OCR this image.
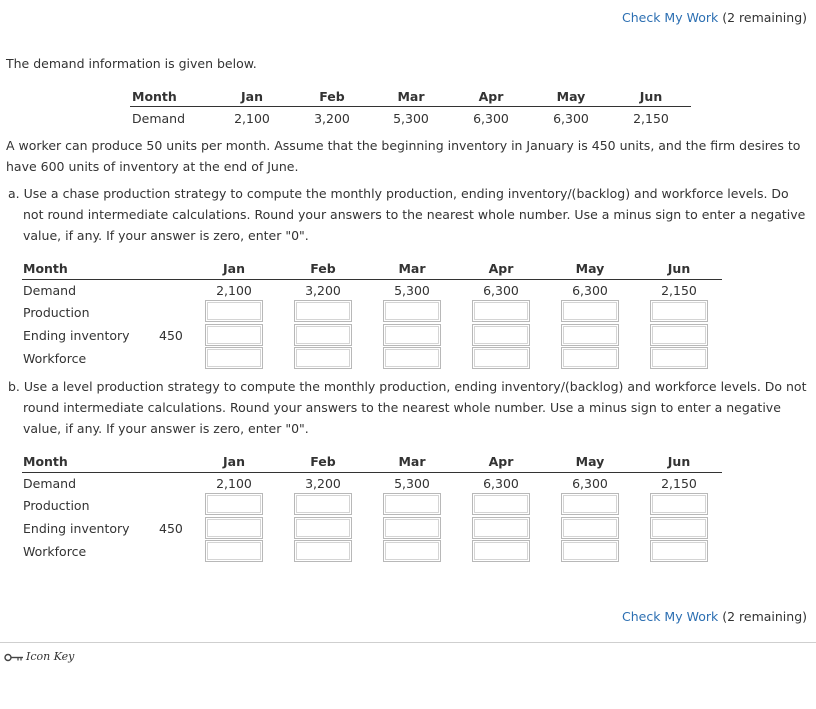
Check My Work (2 remaining)
The demand information is given below.
Month	Jan	Feb	Mar	Apr	May	Jun
Demand	2,100	3,200	5,300	6,300	6,300	2,150
A worker can produce 50 units per month. Assume that the beginning inventory in January is 450 units, and the firm desires to have 600 units of inventory at the end of June.
a. Use a chase production strategy to compute the monthly production, ending inventory/(backlog) and workforce levels. Do not round intermediate calculations. Round your answers to the nearest whole number. Use a minus sign to enter a negative value, if any. If your answer is zero, enter "0".
Month	Jan	Feb	Mar	Apr	May	Jun
Demand	2,100	3,200	5,300	6,300	6,300	2,150
Production
Ending inventory 450
Workforce
b. Use a level production strategy to compute the monthly production, ending inventory/(backlog) and workforce levels. Do not round intermediate calculations. Round your answers to the nearest whole number. Use a minus sign to enter a negative value, if any. If your answer is zero, enter "0".
Month	Jan	Feb	Mar	Apr	May	Jun
Demand	2,100	3,200	5,300	6,300	6,300	2,150
Production
Ending inventory 450
Workforce
Check My Work (2 remaining)
Icon Key
